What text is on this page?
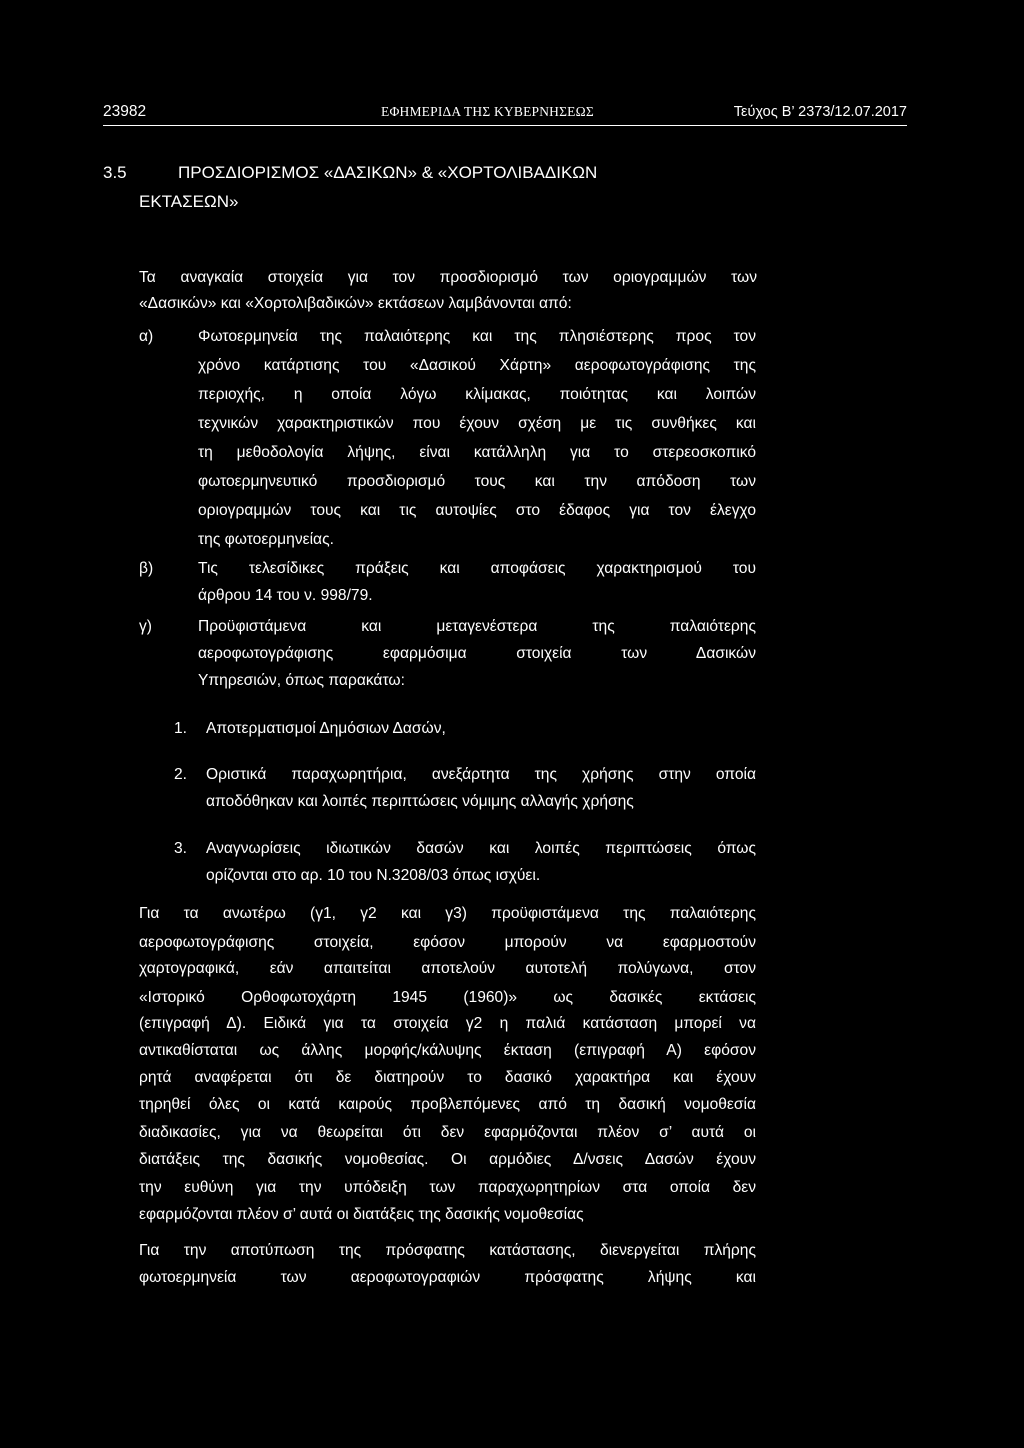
23982	ΕΦΗΜΕΡΙΔΑ ΤΗΣ ΚΥΒΕΡΝΗΣΕΩΣ	Τεύχος Β’ 2373/12.07.2017
3.5	ΠΡΟΣΔΙΟΡΙΣΜΟΣ «ΔΑΣΙΚΩΝ» & «ΧΟΡΤΟΛΙΒΑΔΙΚΩΝ
ΕΚΤΑΣΕΩΝ»
Τα αναγκαία στοιχεία για τον προσδιορισμό των οριογραμμών των
«Δασικών» και «Χορτολιβαδικών» εκτάσεων λαμβάνονται από:
α)	Φωτοερμηνεία της παλαιότερης και της πλησιέστερης προς τον
χρόνο κατάρτισης του «Δασικού Χάρτη» αεροφωτογράφισης της
περιοχής, η οποία λόγω κλίμακας, ποιότητας και λοιπών
τεχνικών χαρακτηριστικών που έχουν σχέση με τις συνθήκες και
τη μεθοδολογία λήψης, είναι κατάλληλη για το στερεοσκοπικό
φωτοερμηνευτικό προσδιορισμό τους και την απόδοση των
οριογραμμών τους και τις αυτοψίες στο έδαφος για τον έλεγχο
της φωτοερμηνείας.
β)	Τις τελεσίδικες πράξεις και αποφάσεις χαρακτηρισμού του
άρθρου 14 του ν. 998/79.
γ)	Προϋφιστάμενα και μεταγενέστερα της παλαιότερης
αεροφωτογράφισης εφαρμόσιμα στοιχεία των Δασικών
Υπηρεσιών, όπως παρακάτω:
1. Αποτερματισμοί Δημόσιων Δασών,
2. Οριστικά παραχωρητήρια, ανεξάρτητα της χρήσης στην οποία
αποδόθηκαν και λοιπές περιπτώσεις νόμιμης αλλαγής χρήσης
3. Αναγνωρίσεις ιδιωτικών δασών και λοιπές περιπτώσεις όπως
ορίζονται στο αρ. 10 του Ν.3208/03 όπως ισχύει.
Για τα ανωτέρω (γ1, γ2 και γ3) προϋφιστάμενα της παλαιότερης
αεροφωτογράφισης στοιχεία, εφόσον μπορούν να εφαρμοστούν
χαρτογραφικά, εάν απαιτείται αποτελούν αυτοτελή πολύγωνα, στον
«Ιστορικό Ορθοφωτοχάρτη 1945 (1960)» ως δασικές εκτάσεις
(επιγραφή Δ). Ειδικά για τα στοιχεία γ2 η παλιά κατάσταση μπορεί να
αντικαθίσταται ως άλλης μορφής/κάλυψης έκταση (επιγραφή Α) εφόσον
ρητά αναφέρεται ότι δε διατηρούν το δασικό χαρακτήρα και έχουν
τηρηθεί όλες οι κατά καιρούς προβλεπόμενες από τη δασική νομοθεσία
διαδικασίες, για να θεωρείται ότι δεν εφαρμόζονται πλέον σ’ αυτά οι
διατάξεις της δασικής νομοθεσίας. Οι αρμόδιες Δ/νσεις Δασών έχουν
την ευθύνη για την υπόδειξη των παραχωρητηρίων στα οποία δεν
εφαρμόζονται πλέον σ’ αυτά οι διατάξεις της δασικής νομοθεσίας
Για την αποτύπωση της πρόσφατης κατάστασης, διενεργείται πλήρης
φωτοερμηνεία των αεροφωτογραφιών πρόσφατης λήψης και
